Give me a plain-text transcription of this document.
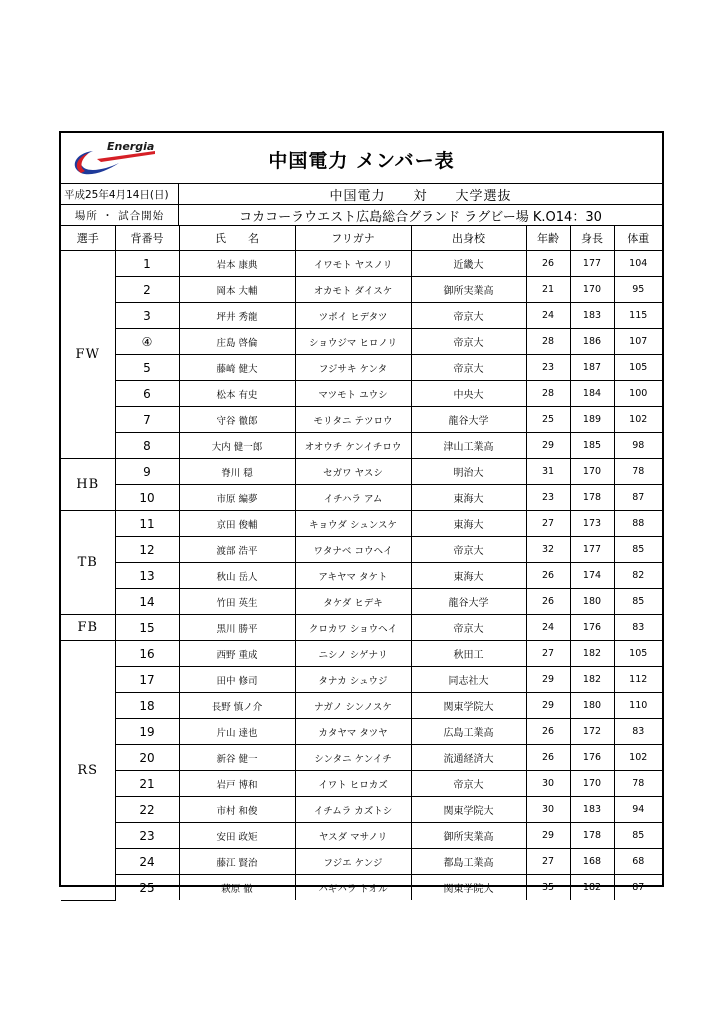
Energia
中国電力 メンバー表
平成25年4月14日(日)	中国電力　　対　　大学選抜
場所 ・ 試合開始	コカコーラウエスト広島総合グランド ラグビー場 K.O14：30
選手	背番号	氏　　名	フリガナ	出身校	年齢	身長	体重
FW	1	岩本 康典	イワモト ヤスノリ	近畿大	26	177	104
	2	岡本 大輔	オカモト ダイスケ	御所実業高	21	170	95
	3	坪井 秀龍	ツボイ ヒデタツ	帝京大	24	183	115
	④	庄島 啓倫	ショウジマ ヒロノリ	帝京大	28	186	107
	5	藤崎 健大	フジサキ ケンタ	帝京大	23	187	105
	6	松本 有史	マツモト ユウシ	中央大	28	184	100
	7	守谷 徹郎	モリタニ テツロウ	龍谷大学	25	189	102
	8	大内 健一郎	オオウチ ケンイチロウ	津山工業高	29	185	98
HB	9	脊川 穏	セガワ ヤスシ	明治大	31	170	78
	10	市原 編夢	イチハラ アム	東海大	23	178	87
TB	11	京田 俊輔	キョウダ シュンスケ	東海大	27	173	88
	12	渡部 浩平	ワタナベ コウヘイ	帝京大	32	177	85
	13	秋山 岳人	アキヤマ タケト	東海大	26	174	82
	14	竹田 英生	タケダ ヒデキ	龍谷大学	26	180	85
FB	15	黒川 勝平	クロカワ ショウヘイ	帝京大	24	176	83
RS	16	西野 重成	ニシノ シゲナリ	秋田工	27	182	105
	17	田中 修司	タナカ シュウジ	同志社大	29	182	112
	18	長野 慎ノ介	ナガノ シンノスケ	関東学院大	29	180	110
	19	片山 達也	カタヤマ タツヤ	広島工業高	26	172	83
	20	新谷 健一	シンタニ ケンイチ	流通経済大	26	176	102
	21	岩戸 博和	イワト ヒロカズ	帝京大	30	170	78
	22	市村 和俊	イチムラ カズトシ	関東学院大	30	183	94
	23	安田 政矩	ヤスダ マサノリ	御所実業高	29	178	85
	24	藤江 賢治	フジエ ケンジ	都島工業高	27	168	68
	25	萩原 徹	ハギハラ トオル	関東学院大	35	182	87
